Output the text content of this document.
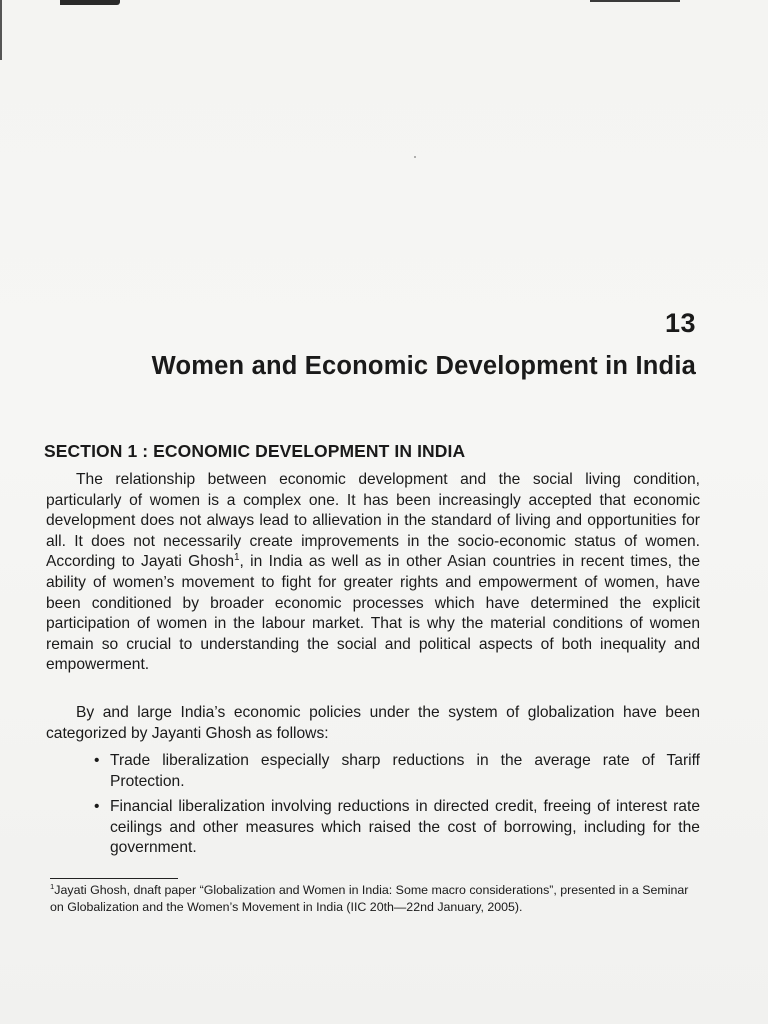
13
Women and Economic Development in India
SECTION 1 : ECONOMIC DEVELOPMENT IN INDIA

The relationship between economic development and the social living condition, particularly of women is a complex one. It has been increasingly accepted that economic development does not always lead to allievation in the standard of living and opportunities for all. It does not necessarily create improvements in the socio-economic status of women. According to Jayati Ghosh$^1$, in India as well as in other Asian countries in recent times, the ability of women’s movement to fight for greater rights and empowerment of women, have been conditioned by broader economic processes which have determined the explicit participation of women in the labour market. That is why the material conditions of women remain so crucial to understanding the social and political aspects of both inequality and empowerment.

By and large India’s economic policies under the system of globalization have been categorized by Jayanti Ghosh as follows:

• Trade liberalization especially sharp reductions in the average rate of Tariff Protection.
• Financial liberalization involving reductions in directed credit, freeing of interest rate ceilings and other measures which raised the cost of borrowing, including for the government.

$^1$Jayati Ghosh, dnaft paper “Globalization and Women in India: Some macro considerations”, presented in a Seminar on Globalization and the Women’s Movement in India (IIC 20th—22nd January, 2005).
